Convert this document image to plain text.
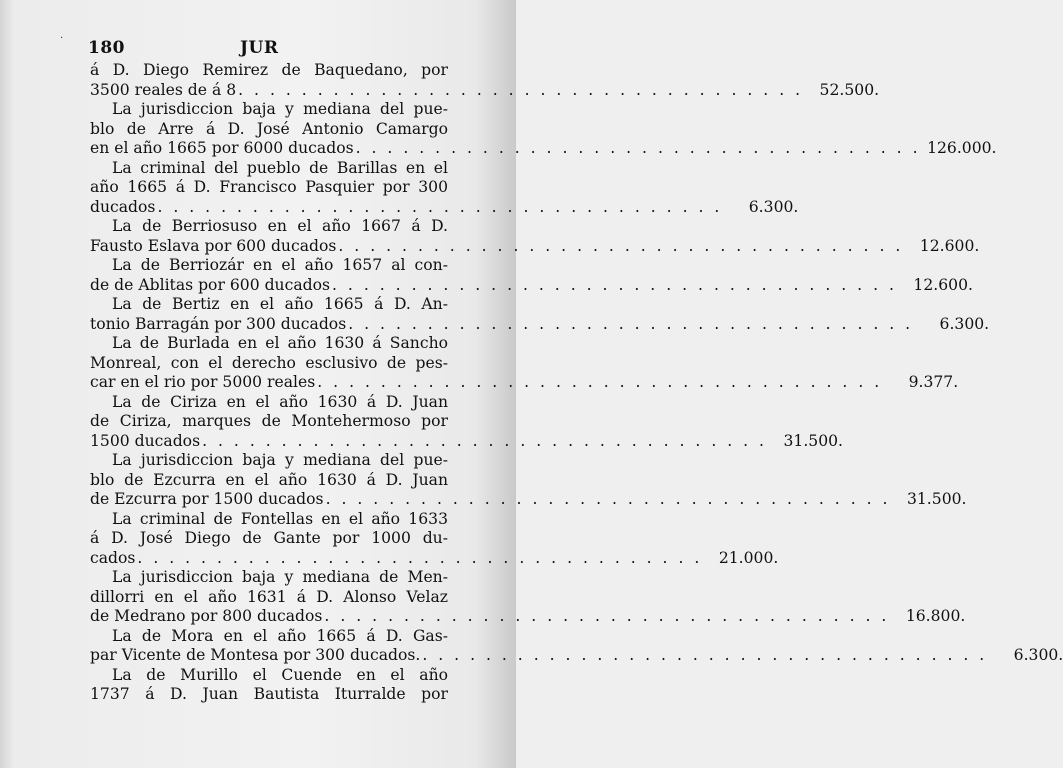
.
180	JUR
á D. Diego Remirez de Baquedano, por
3500 reales de á 8 . . . . . . . . . . . . . . . . . . . . . . . . . . . . . . . . . . . .	52.500.
La jurisdiccion baja y mediana del pue-
blo de Arre á D. José Antonio Camargo
en el año 1665 por 6000 ducados . . . . . . . . . . . . . . . . . . . . . . . . . . . . . . . . . . . . 126.000.
La criminal del pueblo de Barillas en el
año 1665 á D. Francisco Pasquier por 300
ducados . . . . . . . . . . . . . . . . . . . . . . . . . . . . . . . . . . . .	6.300.
La de Berriosuso en el año 1667 á D.
Fausto Eslava por 600 ducados . . . . . . . . . . . . . . . . . . . . . . . . . . . . . . . . . . . .	12.600.
La de Berriozár en el año 1657 al con-
de de Ablitas por 600 ducados . . . . . . . . . . . . . . . . . . . . . . . . . . . . . . . . . . . .	12.600.
La de Bertiz en el año 1665 á D. An-
tonio Barragán por 300 ducados . . . . . . . . . . . . . . . . . . . . . . . . . . . . . . . . . . . .	6.300.
La de Burlada en el año 1630 á Sancho
Monreal, con el derecho esclusivo de pes-
car en el rio por 5000 reales . . . . . . . . . . . . . . . . . . . . . . . . . . . . . . . . . . . .	9.377.
La de Ciriza en el año 1630 á D. Juan
de Ciriza, marques de Montehermoso por
1500 ducados . . . . . . . . . . . . . . . . . . . . . . . . . . . . . . . . . . . .	31.500.
La jurisdiccion baja y mediana del pue-
blo de Ezcurra en el año 1630 á D. Juan
de Ezcurra por 1500 ducados . . . . . . . . . . . . . . . . . . . . . . . . . . . . . . . . . . . .	31.500.
La criminal de Fontellas en el año 1633
á D. José Diego de Gante por 1000 du-
cados . . . . . . . . . . . . . . . . . . . . . . . . . . . . . . . . . . . .	21.000.
La jurisdiccion baja y mediana de Men-
dillorri en el año 1631 á D. Alonso Velaz
de Medrano por 800 ducados . . . . . . . . . . . . . . . . . . . . . . . . . . . . . . . . . . . .	16.800.
La de Mora en el año 1665 á D. Gas-
par Vicente de Montesa por 300 ducados. . . . . . . . . . . . . . . . . . . . . . . . . . . . . . . . . . . . .	6.300.
La de Murillo el Cuende en el año
1737 á D. Juan Bautista Iturralde por
